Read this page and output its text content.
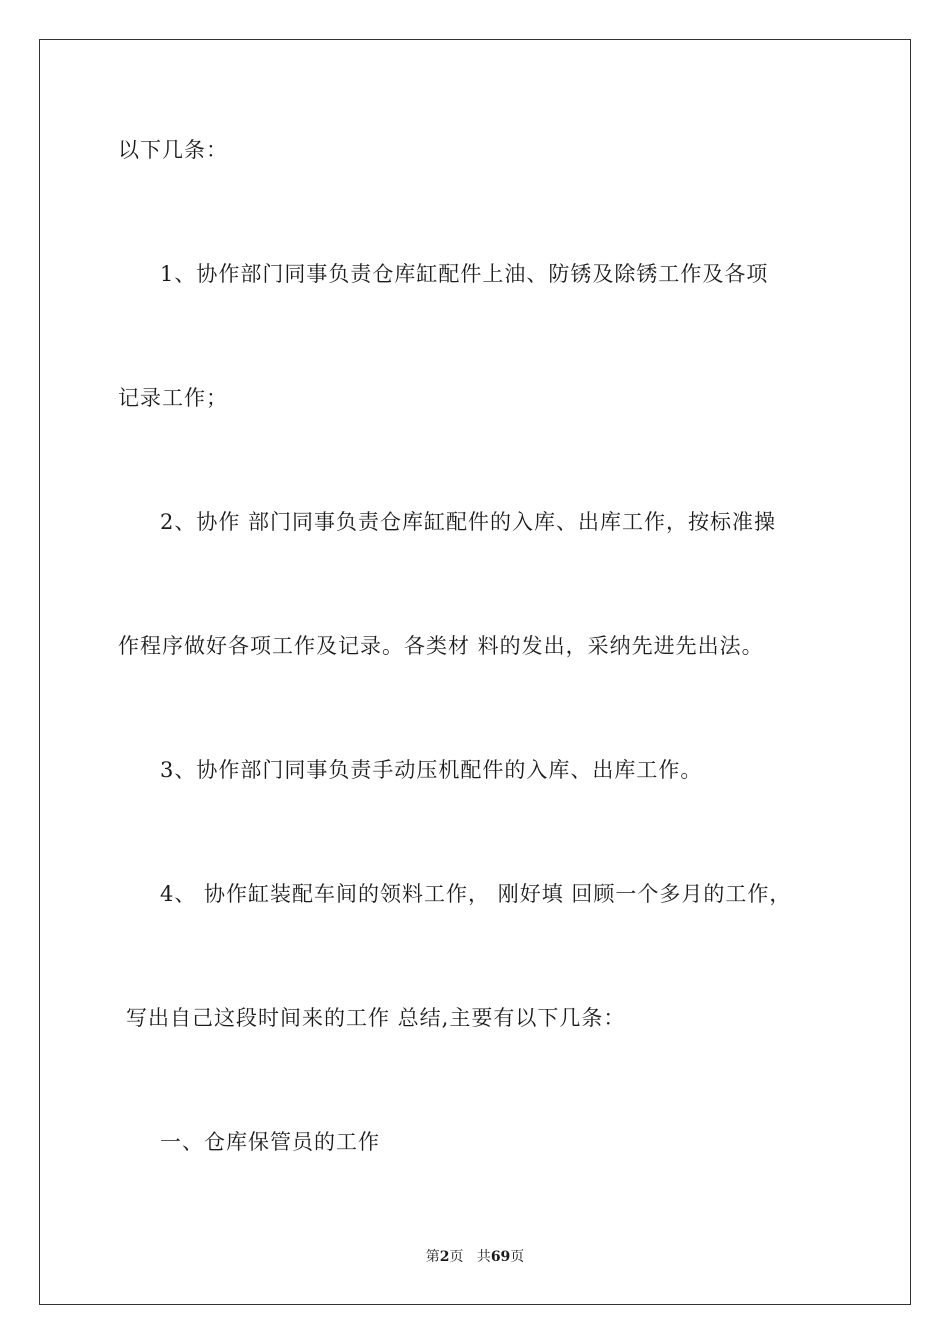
以下几条：
1、协作部门同事负责仓库缸配件上油、防锈及除锈工作及各项
记录工作；
2、协作 部门同事负责仓库缸配件的入库、出库工作，按标准操
作程序做好各项工作及记录。各类材 料的发出，采纳先进先出法。
3、协作部门同事负责手动压机配件的入库、出库工作。
4、 协作缸装配车间的领料工作， 刚好填 回顾一个多月的工作，
写出自己这段时间来的工作 总结,主要有以下几条：
一、仓库保管员的工作
第2页 共69页
